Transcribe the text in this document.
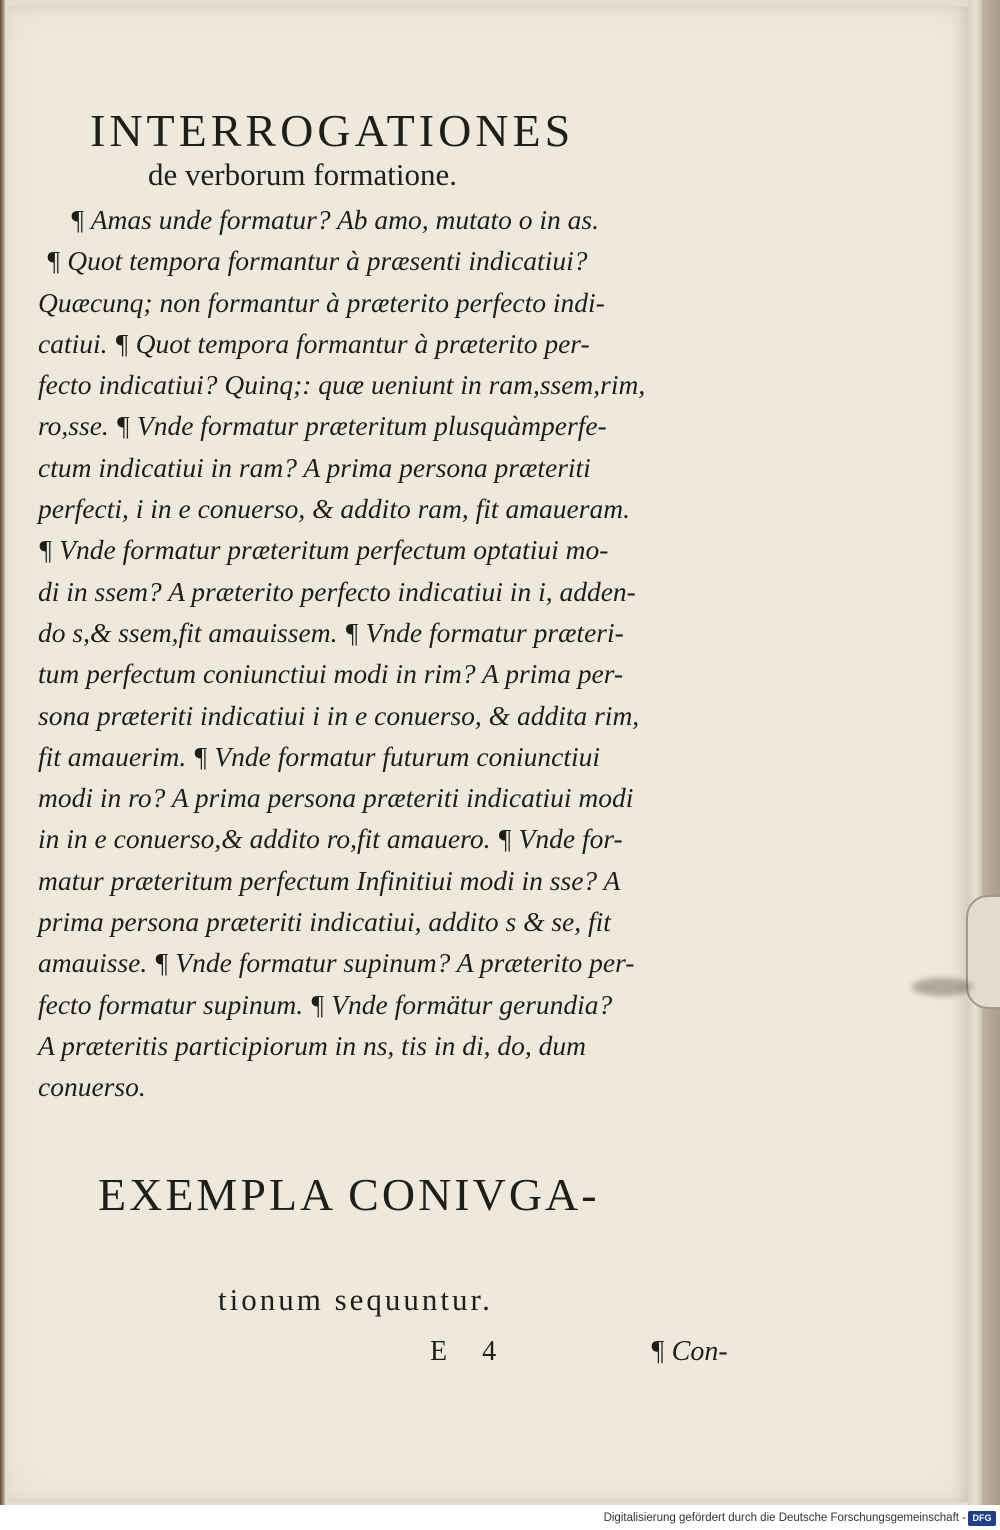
INTERROGATIONES
de verborum formatione.
¶ Amas unde formatur? Ab amo, mutato o in as.
¶ Quot tempora formantur à præsenti indicatiui?
Quæcunq; non formantur à præterito perfecto indi-
catiui. ¶ Quot tempora formantur à præterito per-
fecto indicatiui? Quinq;: quæ ueniunt in ram,ssem,rim,
ro,sse. ¶ Vnde formatur præteritum plusquàmperfe-
ctum indicatiui in ram? A prima persona præteriti
perfecti, i in e conuerso, & addito ram, fit amaueram.
¶ Vnde formatur præteritum perfectum optatiui mo-
di in ssem? A præterito perfecto indicatiui in i, adden-
do s,& ssem,fit amauissem. ¶ Vnde formatur præteri-
tum perfectum coniunctiui modi in rim? A prima per-
sona præteriti indicatiui i in e conuerso, & addita rim,
fit amauerim. ¶ Vnde formatur futurum coniunctiui
modi in ro? A prima persona præteriti indicatiui modi
in in e conuerso,& addito ro,fit amauero. ¶ Vnde for-
matur præteritum perfectum Infinitiui modi in sse? A
prima persona præteriti indicatiui, addito s & se, fit
amauisse. ¶ Vnde formatur supinum? A præterito per-
fecto formatur supinum. ¶ Vnde formätur gerundia?
A præteritis participiorum in ns, tis in di, do, dum
conuerso.
EXEMPLA CONIVGA-
tionum sequuntur.
E 4	¶ Con-
Digitalisierung gefördert durch die Deutsche Forschungsgemeinschaft - DFG
